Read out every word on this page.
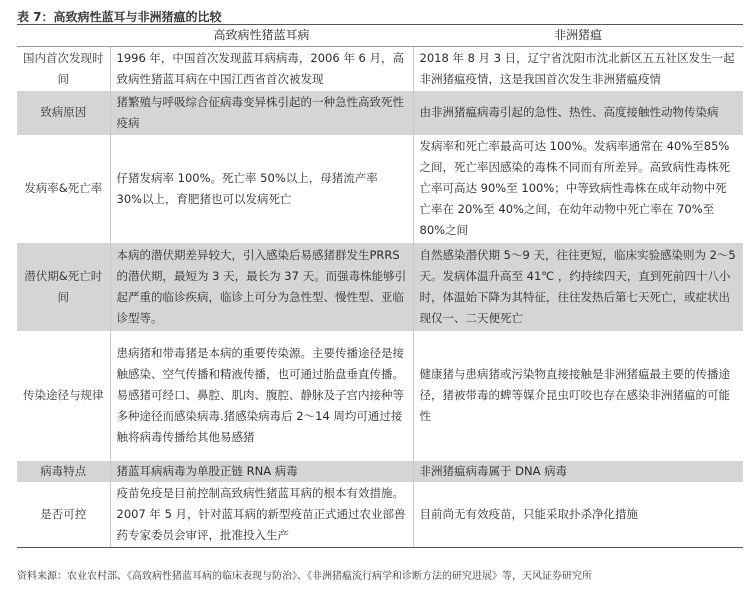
表 7：高致病性蓝耳与非洲猪瘟的比较
	高致病性猪蓝耳病	非洲猪瘟
国内首次发现时间	1996 年，中国首次发现蓝耳病病毒，2006 年 6 月，高致病性猪蓝耳病在中国江西省首次被发现	2018 年 8 月 3 日，辽宁省沈阳市沈北新区五五社区发生一起非洲猪瘟疫情，这是我国首次发生非洲猪瘟疫情
致病原因	猪繁殖与呼吸综合征病毒变异株引起的一种急性高致死性疫病	由非洲猪瘟病毒引起的急性、热性、高度接触性动物传染病
发病率&死亡率	仔猪发病率 100%。死亡率 50%以上，母猪流产率 30%以上，育肥猪也可以发病死亡	发病率和死亡率最高可达 100%。发病率通常在 40%至85%之间，死亡率因感染的毒株不同而有所差异。高致病性毒株死亡率可高达 90%至 100%；中等致病性毒株在成年动物中死亡率在 20%至 40%之间，在幼年动物中死亡率在 70%至 80%之间
潜伏期&死亡时间	本病的潜伏期差异较大，引入感染后易感猪群发生PRRS 的潜伏期，最短为 3 天，最长为 37 天。而强毒株能够引起严重的临诊疾病，临诊上可分为急性型、慢性型、亚临诊型等。	自然感染潜伏期 5～9 天，往往更短，临床实验感染则为 2～5 天。发病体温升高至 41℃ ，约持续四天，直到死前四十八小时，体温始下降为其特征，往往发热后第七天死亡，或症状出现仅一、二天便死亡
传染途径与规律	患病猪和带毒猪是本病的重要传染源。主要传播途径是接触感染、空气传播和精液传播，也可通过胎盘垂直传播。易感猪可经口、鼻腔、肌肉、腹腔、静脉及子宫内接种等多种途径而感染病毒.猪感染病毒后 2～14 周均可通过接触将病毒传播给其他易感猪	健康猪与患病猪或污染物直接接触是非洲猪瘟最主要的传播途径，猪被带毒的蜱等媒介昆虫叮咬也存在感染非洲猪瘟的可能性
病毒特点	猪蓝耳病病毒为单股正链 RNA 病毒	非洲猪瘟病毒属于 DNA 病毒
是否可控	疫苗免疫是目前控制高致病性猪蓝耳病的根本有效措施。2007 年 5 月，针对蓝耳病的新型疫苗正式通过农业部兽药专家委员会审评，批准投入生产	目前尚无有效疫苗，只能采取扑杀净化措施
资料来源：农业农村部、《高致病性猪蓝耳病的临床表现与防治》、《非洲猪瘟流行病学和诊断方法的研究进展》等，天风证券研究所
